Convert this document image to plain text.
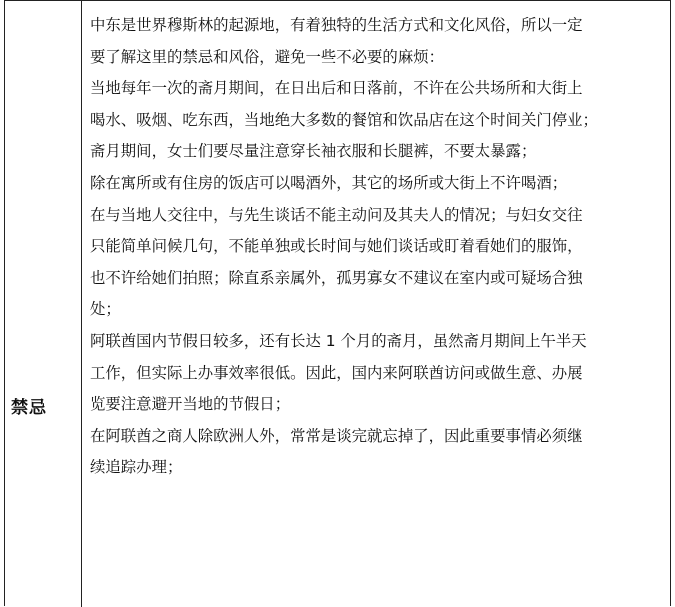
禁忌
中东是世界穆斯林的起源地，有着独特的生活方式和文化风俗，所以一定
要了解这里的禁忌和风俗，避免一些不必要的麻烦：
当地每年一次的斋月期间，在日出后和日落前，不许在公共场所和大街上
喝水、吸烟、吃东西，当地绝大多数的餐馆和饮品店在这个时间关门停业；
斋月期间，女士们要尽量注意穿长袖衣服和长腿裤，不要太暴露；
除在寓所或有住房的饭店可以喝酒外，其它的场所或大街上不许喝酒；
在与当地人交往中，与先生谈话不能主动问及其夫人的情况；与妇女交往
只能简单问候几句，不能单独或长时间与她们谈话或盯着看她们的服饰，
也不许给她们拍照；除直系亲属外，孤男寡女不建议在室内或可疑场合独
处；
阿联酋国内节假日较多，还有长达 1 个月的斋月，虽然斋月期间上午半天
工作，但实际上办事效率很低。因此，国内来阿联酋访问或做生意、办展
览要注意避开当地的节假日；
在阿联酋之商人除欧洲人外，常常是谈完就忘掉了，因此重要事情必须继
续追踪办理；
